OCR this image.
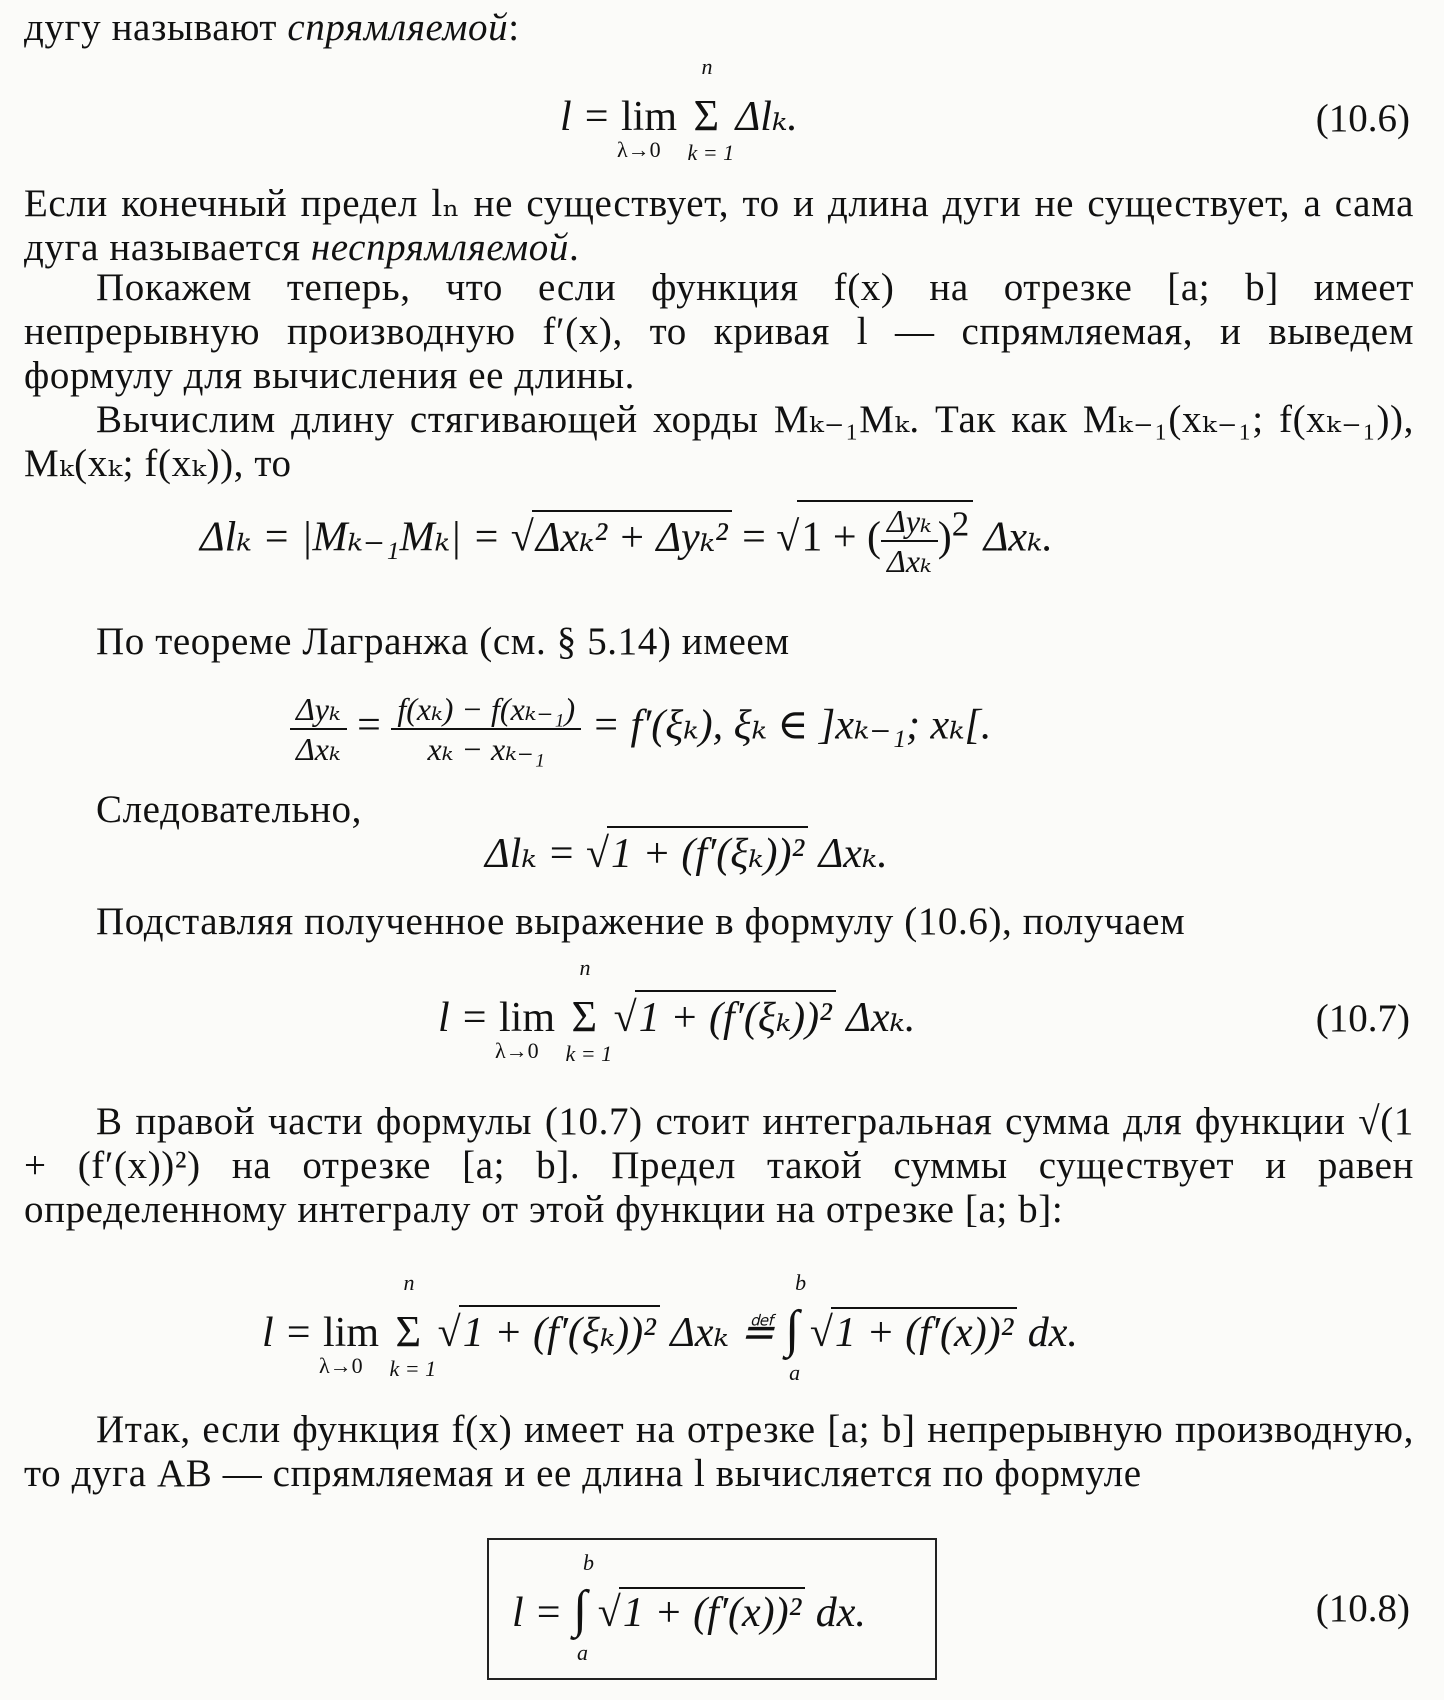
дугу называют спрямляемой:

l = lim
λ→0
Σ
n
k = 1
Δlₖ.	(10.6)

Если конечный предел lₙ не существует, то и длина дуги не существует, а сама дуга называется неспрямляемой.

Покажем теперь, что если функция f(x) на отрезке [a; b] имеет непрерывную производную f′(x), то кривая l — спрямляемая, и выведем формулу для вычисления ее длины.

Вычислим длину стягивающей хорды Mₖ₋₁Mₖ. Так как Mₖ₋₁(xₖ₋₁; f(xₖ₋₁)), Mₖ(xₖ; f(xₖ)), то

Δlₖ = |Mₖ₋₁Mₖ| = √Δxₖ² + Δyₖ² = √1 + ( $\frac{\text{Δyₖ}}{\text{Δxₖ}} )^2$ Δxₖ.

По теореме Лагранжа (см. § 5.14) имеем

$\frac{\text{Δyₖ}}{\text{Δxₖ}} = \frac{\text{f(xₖ) − f(xₖ₋₁)}}{\text{xₖ − xₖ₋₁}} = f'(\xi_k)$, ξₖ ∈ ]xₖ₋₁; xₖ[.

Следовательно,

Δlₖ = √1 + (f′(ξₖ))² Δxₖ.

Подставляя полученное выражение в формулу (10.6), получаем

l = lim
λ→0
Σ
n
k = 1
√1 + (f′(ξₖ))² Δxₖ.	(10.7)

В правой части формулы (10.7) стоит интегральная сумма для функции √(1 + (f′(x))²) на отрезке [a; b]. Предел такой суммы существует и равен определенному интегралу от этой функции на отрезке [a; b]:

l = lim
λ→0
Σ
n
k = 1
√1 + (f′(ξₖ))² Δxₖ ≝ ∫
b
a
√1 + (f′(x))² dx.

Итак, если функция f(x) имеет на отрезке [a; b] непрерывную производную, то дуга AB — спрямляемая и ее длина l вычисляется по формуле

l = ∫
b
a
√1 + (f′(x))² dx.	(10.8)
